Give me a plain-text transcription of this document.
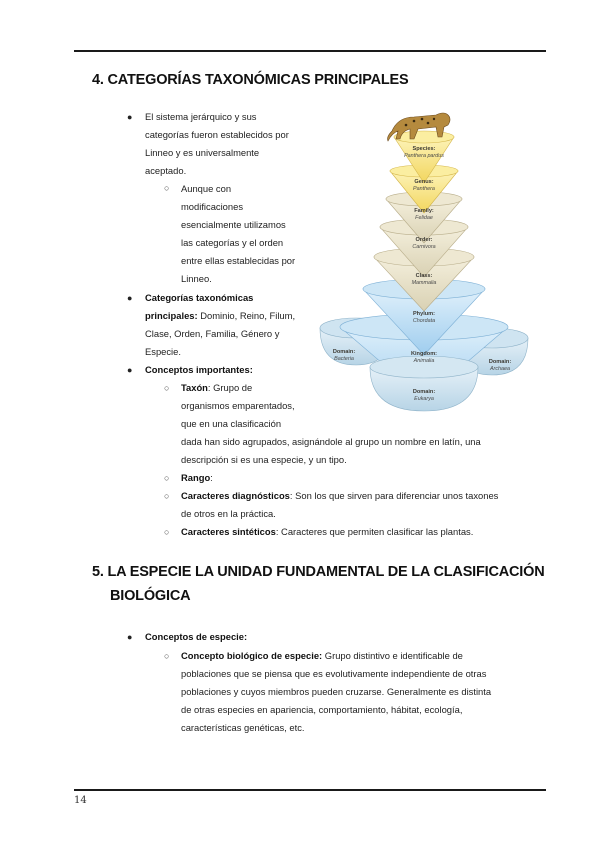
4. CATEGORÍAS TAXONÓMICAS PRINCIPALES
● El sistema jerárquico y sus
categorías fueron establecidos por
Linneo y es universalmente
aceptado.
○ Aunque con
modificaciones
esencialmente utilizamos
las categorías y el orden
entre ellas establecidas por
Linneo.
● Categorías taxonómicas
principales: Dominio, Reino, Filum,
Clase, Orden, Familia, Género y
Especie.
● Conceptos importantes:
○ Taxón: Grupo de
organismos emparentados,
que en una clasificación
dada han sido agrupados, asignándole al grupo un nombre en latín, una
descripción si es una especie, y un tipo.
○ Rango:
○ Caracteres diagnósticos: Son los que sirven para diferenciar unos taxones
de otros en la práctica.
○ Caracteres sintéticos: Caracteres que permiten clasificar las plantas.
Species:
Panthera pardus
Genus:
Panthera
Family:
Felidae
Order:
Carnivora
Class:
Mammalia
Phylum:
Chordata
Kingdom:
Animalia
Domain:
Bacteria	Domain:
Archaea
Domain:
Eukarya
5. LA ESPECIE LA UNIDAD FUNDAMENTAL DE LA CLASIFICACIÓN
BIOLÓGICA
● Conceptos de especie:
○ Concepto biológico de especie: Grupo distintivo e identificable de
poblaciones que se piensa que es evolutivamente independiente de otras
poblaciones y cuyos miembros pueden cruzarse. Generalmente es distinta
de otras especies en apariencia, comportamiento, hábitat, ecología,
características genéticas, etc.
14
